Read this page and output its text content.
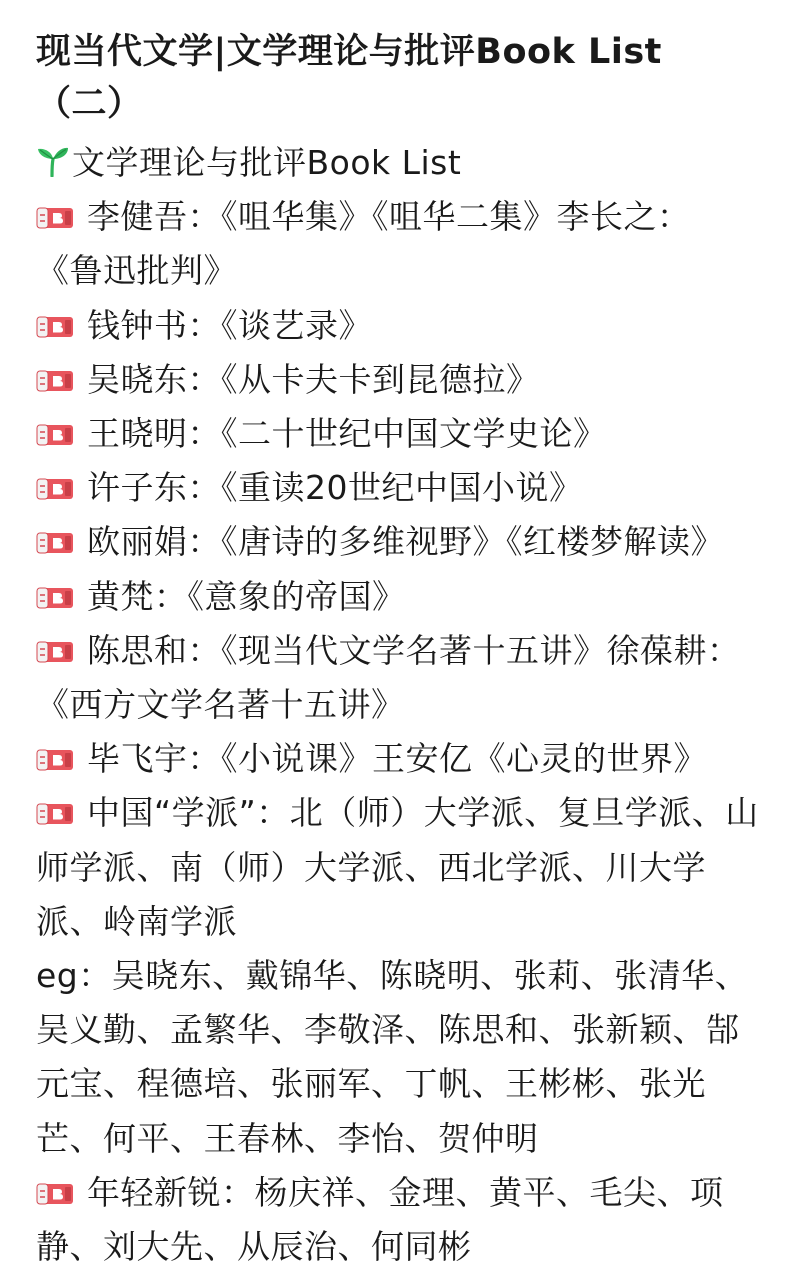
现当代文学|文学理论与批评Book List
（二）
文学理论与批评Book List
李健吾：《咀华集》《咀华二集》李长之：
《鲁迅批判》
钱钟书：《谈艺录》
吴晓东：《从卡夫卡到昆德拉》
王晓明：《二十世纪中国文学史论》
许子东：《重读20世纪中国小说》
欧丽娟：《唐诗的多维视野》《红楼梦解读》
黄梵：《意象的帝国》
陈思和：《现当代文学名著十五讲》徐葆耕：
《西方文学名著十五讲》
毕飞宇：《小说课》王安亿《心灵的世界》
中国“学派”：北（师）大学派、复旦学派、山
师学派、南（师）大学派、西北学派、川大学
派、岭南学派
eg：吴晓东、戴锦华、陈晓明、张莉、张清华、
吴义勤、孟繁华、李敬泽、陈思和、张新颖、郜
元宝、程德培、张丽军、丁帆、王彬彬、张光
芒、何平、王春林、李怡、贺仲明
年轻新锐：杨庆祥、金理、黄平、毛尖、项
静、刘大先、从辰治、何同彬
